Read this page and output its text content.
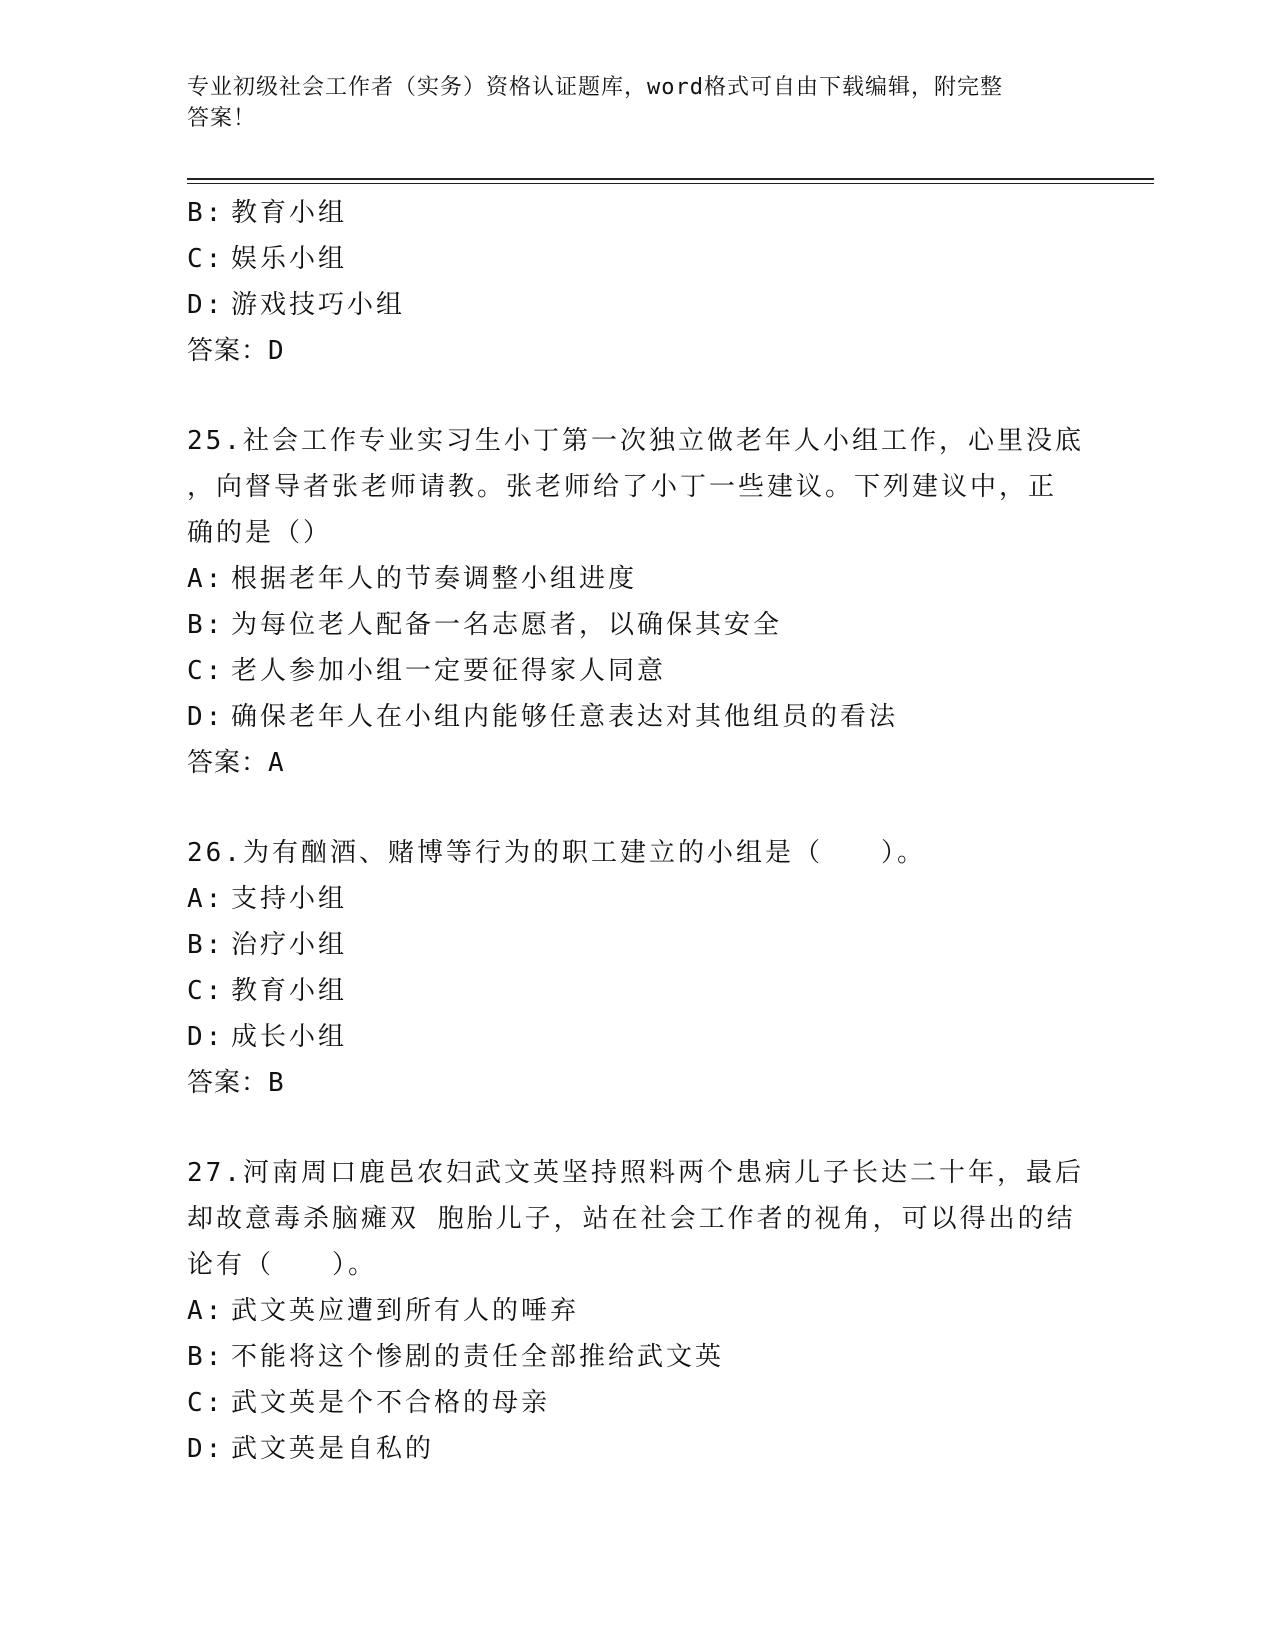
专业初级社会工作者（实务）资格认证题库，word格式可自由下载编辑，附完整
答案！
B: 教育小组
C: 娱乐小组
D: 游戏技巧小组
答案：D
25.社会工作专业实习生小丁第一次独立做老年人小组工作，心里没底
，向督导者张老师请教。张老师给了小丁一些建议。下列建议中，正
确的是（）
A: 根据老年人的节奏调整小组进度
B: 为每位老人配备一名志愿者，以确保其安全
C: 老人参加小组一定要征得家人同意
D: 确保老年人在小组内能够任意表达对其他组员的看法
答案：A
26.为有酗酒、赌博等行为的职工建立的小组是（　　）。
A: 支持小组
B: 治疗小组
C: 教育小组
D: 成长小组
答案：B
27.河南周口鹿邑农妇武文英坚持照料两个患病儿子长达二十年，最后
却故意毒杀脑瘫双 胞胎儿子，站在社会工作者的视角，可以得出的结
论有（　　）。
A: 武文英应遭到所有人的唾弃
B: 不能将这个惨剧的责任全部推给武文英
C: 武文英是个不合格的母亲
D: 武文英是自私的
